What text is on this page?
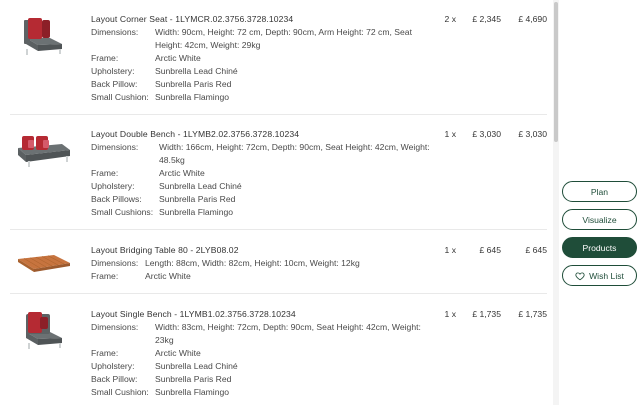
Layout Corner Seat - 1LYMCR.02.3756.3728.10234	2 x	£ 2,345	£ 4,690
Dimensions: Width: 90cm, Height: 72 cm, Depth: 90cm, Arm Height: 72 cm, Seat Height: 42cm, Weight: 29kg
Frame:	Arctic White
Upholstery: Sunbrella Lead Chiné
Back Pillow: Sunbrella Paris Red
Small Cushion: Sunbrella Flamingo
Layout Double Bench - 1LYMB2.02.3756.3728.10234	1 x	£ 3,030	£ 3,030
Dimensions: Width: 166cm, Height: 72cm, Depth: 90cm, Seat Height: 42cm, Weight: 48.5kg
Frame:	Arctic White
Upholstery:	Sunbrella Lead Chiné
Back Pillows: Sunbrella Paris Red
Small Cushions: Sunbrella Flamingo
Layout Bridging Table 80 - 2LYB08.02	1 x	£ 645	£ 645
Dimensions: Length: 88cm, Width: 82cm, Height: 10cm, Weight: 12kg
Frame:	Arctic White
Layout Single Bench - 1LYMB1.02.3756.3728.10234	1 x	£ 1,735	£ 1,735
Dimensions: Width: 83cm, Height: 72cm, Depth: 90cm, Seat Height: 42cm, Weight: 23kg
Frame:	Arctic White
Upholstery: Sunbrella Lead Chiné
Back Pillow: Sunbrella Paris Red
Small Cushion: Sunbrella Flamingo
Plan
Visualize
Products
Wish List
